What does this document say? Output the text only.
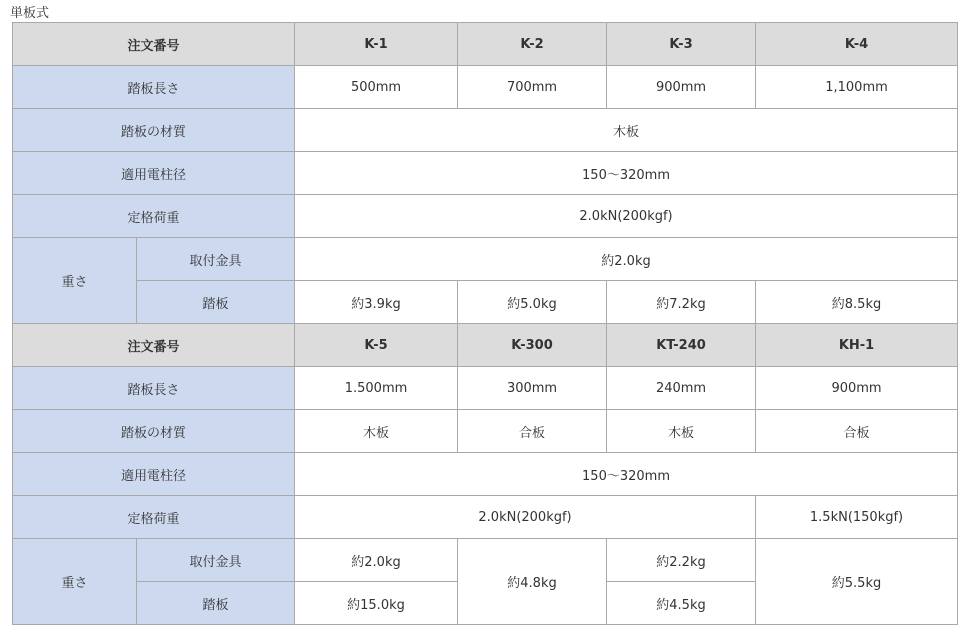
単板式
注文番号		K-1	K-2	K-3	K-4
踏板長さ		500mm	700mm	900mm	1,100mm
踏板の材質		木板			
適用電柱径		150〜320mm			
定格荷重		2.0kN(200kgf)			
重さ	取付金具	約2.0kg			
	踏板	約3.9kg	約5.0kg	約7.2kg	約8.5kg
注文番号		K-5	K-300	KT-240	KH-1
踏板長さ		1.500mm	300mm	240mm	900mm
踏板の材質		木板	合板	木板	合板
適用電柱径		150〜320mm			
定格荷重		2.0kN(200kgf)			1.5kN(150kgf)
重さ	取付金具	約2.0kg	約4.8kg	約2.2kg	約5.5kg
	踏板	約15.0kg		約4.5kg	
